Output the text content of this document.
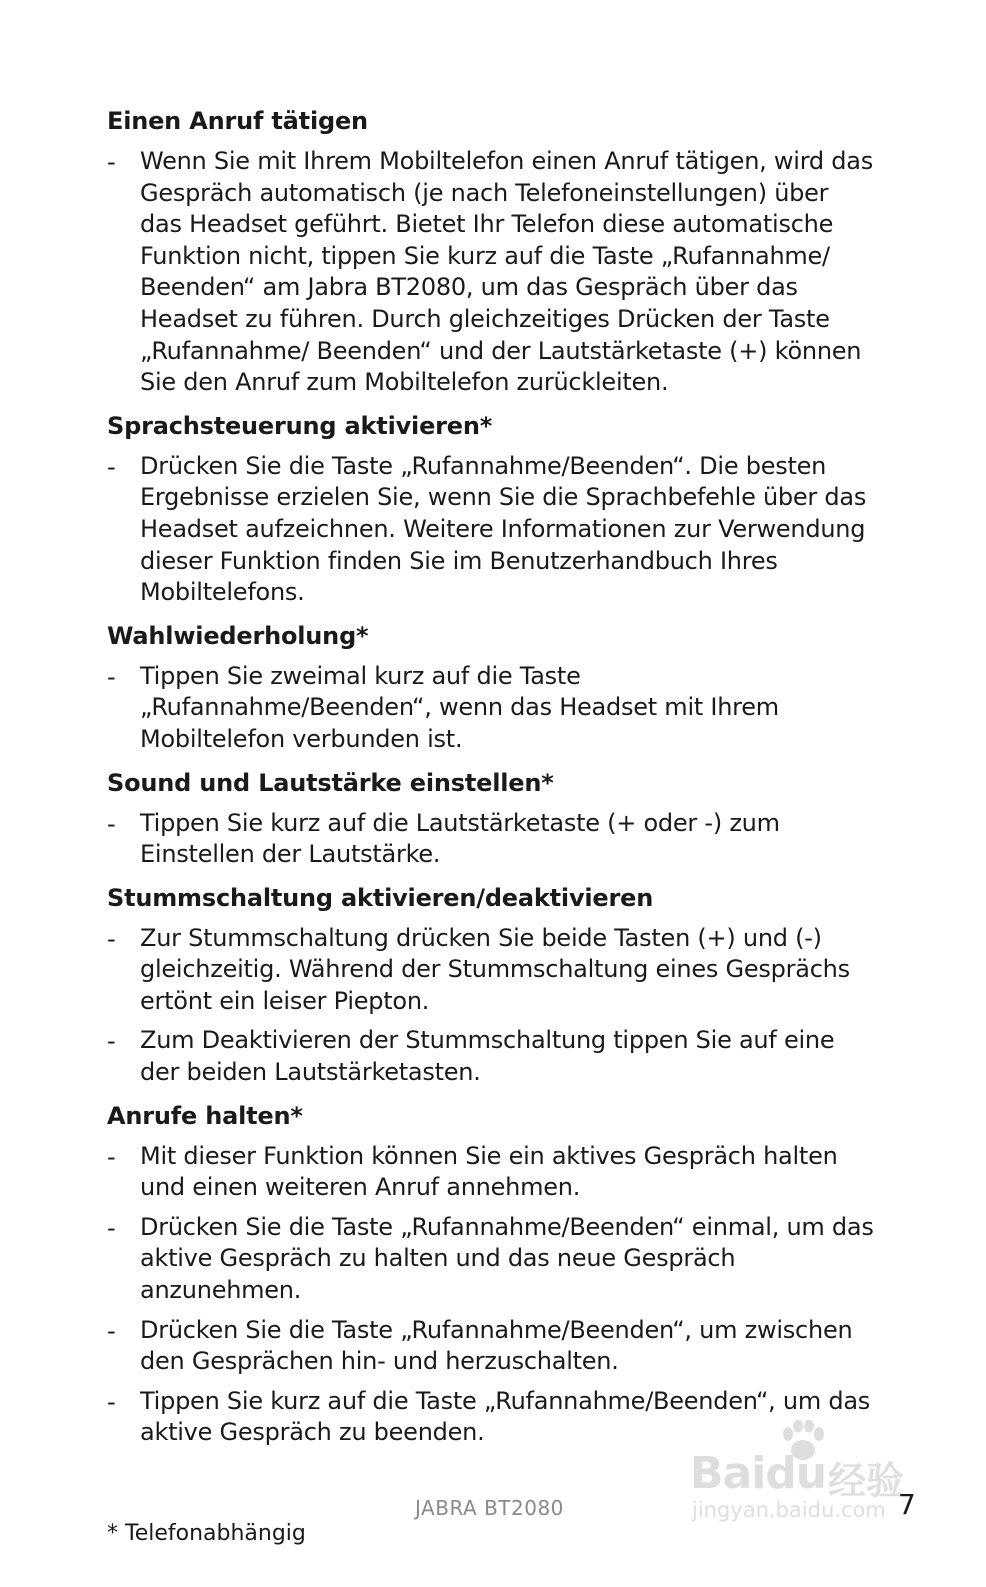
Einen Anruf tätigen
- Wenn Sie mit Ihrem Mobiltelefon einen Anruf tätigen, wird das Gespräch automatisch (je nach Telefoneinstellungen) über das Headset geführt. Bietet Ihr Telefon diese automatische Funktion nicht, tippen Sie kurz auf die Taste „Rufannahme/ Beenden“ am Jabra BT2080, um das Gespräch über das Headset zu führen. Durch gleichzeitiges Drücken der Taste „Rufannahme/ Beenden“ und der Lautstärketaste (+) können Sie den Anruf zum Mobiltelefon zurückleiten.
Sprachsteuerung aktivieren*
- Drücken Sie die Taste „Rufannahme/Beenden“. Die besten Ergebnisse erzielen Sie, wenn Sie die Sprachbefehle über das Headset aufzeichnen. Weitere Informationen zur Verwendung dieser Funktion finden Sie im Benutzerhandbuch Ihres Mobiltelefons.
Wahlwiederholung*
- Tippen Sie zweimal kurz auf die Taste „Rufannahme/Beenden“, wenn das Headset mit Ihrem Mobiltelefon verbunden ist.
Sound und Lautstärke einstellen*
- Tippen Sie kurz auf die Lautstärketaste (+ oder -) zum Einstellen der Lautstärke.
Stummschaltung aktivieren/deaktivieren
- Zur Stummschaltung drücken Sie beide Tasten (+) und (-) gleichzeitig. Während der Stummschaltung eines Gesprächs ertönt ein leiser Piepton.
- Zum Deaktivieren der Stummschaltung tippen Sie auf eine der beiden Lautstärketasten.
Anrufe halten*
- Mit dieser Funktion können Sie ein aktives Gespräch halten und einen weiteren Anruf annehmen.
- Drücken Sie die Taste „Rufannahme/Beenden“ einmal, um das aktive Gespräch zu halten und das neue Gespräch anzunehmen.
- Drücken Sie die Taste „Rufannahme/Beenden“, um zwischen den Gesprächen hin- und herzuschalten.
- Tippen Sie kurz auf die Taste „Rufannahme/Beenden“, um das aktive Gespräch zu beenden.
Baidu 经验
jingyan.baidu.com
JABRA BT2080	7
* Telefonabhängig
